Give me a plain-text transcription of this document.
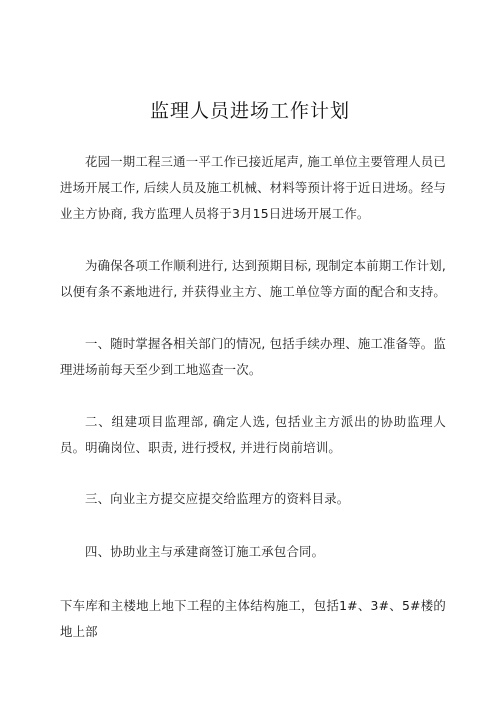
监理人员进场工作计划

花园一期工程三通一平工作已接近尾声, 施工单位主要管理人员已进场开展工作, 后续人员及施工机械、材料等预计将于近日进场。经与业主方协商, 我方监理人员将于3月15日进场开展工作。

为确保各项工作顺利进行, 达到预期目标, 现制定本前期工作计划, 以便有条不紊地进行, 并获得业主方、施工单位等方面的配合和支持。

一、随时掌握各相关部门的情况, 包括手续办理、施工准备等。监理进场前每天至少到工地巡查一次。

二、组建项目监理部, 确定人选, 包括业主方派出的协助监理人员。明确岗位、职责, 进行授权, 并进行岗前培训。

三、向业主方提交应提交给监理方的资料目录。

四、协助业主与承建商签订施工承包合同。

下车库和主楼地上地下工程的主体结构施工，包括1#、3#、5#楼的地上部
